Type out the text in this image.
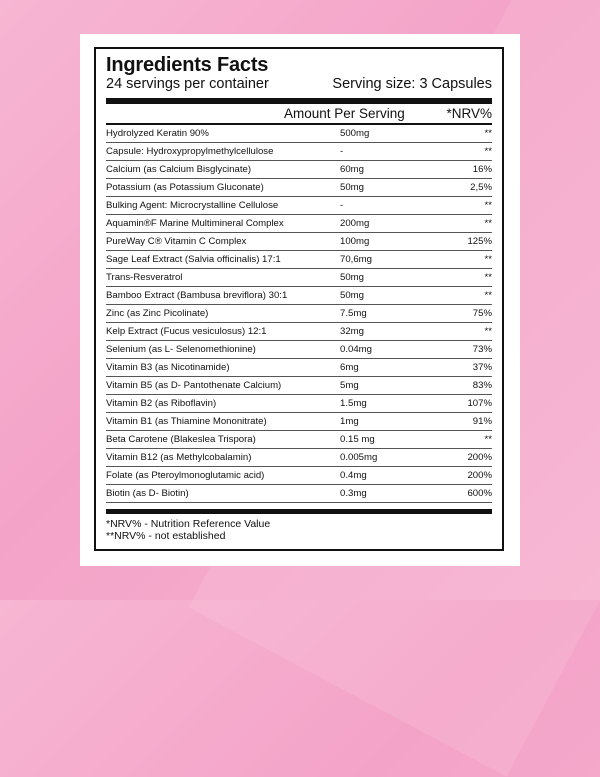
Ingredients Facts
24 servings per container	Serving size: 3 Capsules
Amount Per Serving	*NRV%
Hydrolyzed Keratin 90%	500mg	**
Capsule: Hydroxypropylmethylcellulose	-	**
Calcium (as Calcium Bisglycinate)	60mg	16%
Potassium (as Potassium Gluconate)	50mg	2,5%
Bulking Agent: Microcrystalline Cellulose	-	**
Aquamin®F Marine Multimineral Complex	200mg	**
PureWay C® Vitamin C Complex	100mg	125%
Sage Leaf Extract (Salvia officinalis) 17:1	70,6mg	**
Trans-Resveratrol	50mg	**
Bamboo Extract (Bambusa breviflora) 30:1	50mg	**
Zinc (as Zinc Picolinate)	7.5mg	75%
Kelp Extract (Fucus vesiculosus) 12:1	32mg	**
Selenium (as L- Selenomethionine)	0.04mg	73%
Vitamin B3 (as Nicotinamide)	6mg	37%
Vitamin B5 (as D- Pantothenate Calcium)	5mg	83%
Vitamin B2 (as Riboflavin)	1.5mg	107%
Vitamin B1 (as Thiamine Mononitrate)	1mg	91%
Beta Carotene (Blakeslea Trispora)	0.15 mg	**
Vitamin B12 (as Methylcobalamin)	0.005mg	200%
Folate (as Pteroylmonoglutamic acid)	0.4mg	200%
Biotin (as D- Biotin)	0.3mg	600%
*NRV% - Nutrition Reference Value
**NRV% - not established
